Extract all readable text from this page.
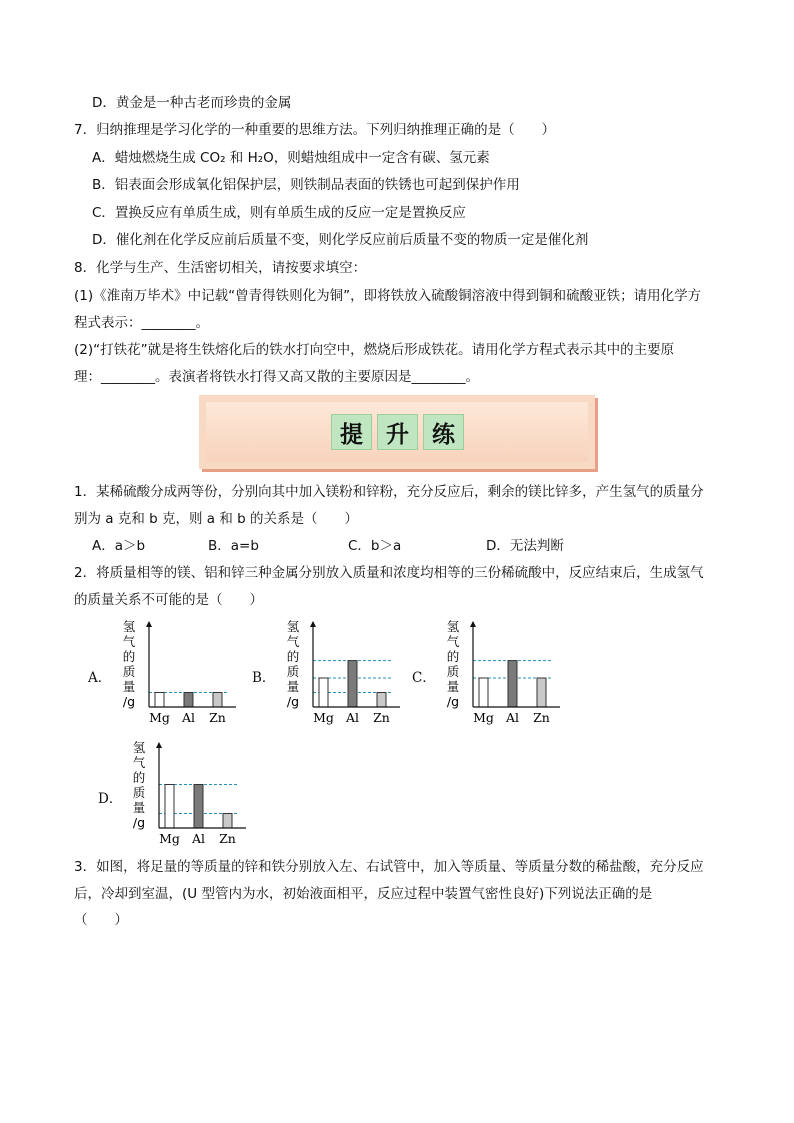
D．黄金是一种古老而珍贵的金属
7．归纳推理是学习化学的一种重要的思维方法。下列归纳推理正确的是（　　）
A．蜡烛燃烧生成 CO₂ 和 H₂O，则蜡烛组成中一定含有碳、氢元素
B．铝表面会形成氧化铝保护层，则铁制品表面的铁锈也可起到保护作用
C．置换反应有单质生成，则有单质生成的反应一定是置换反应
D．催化剂在化学反应前后质量不变，则化学反应前后质量不变的物质一定是催化剂
8．化学与生产、生活密切相关，请按要求填空：
(1)《淮南万毕术》中记载“曾青得铁则化为铜”，即将铁放入硫酸铜溶液中得到铜和硫酸亚铁；请用化学方
程式表示：________。
(2)“打铁花”就是将生铁熔化后的铁水打向空中，燃烧后形成铁花。请用化学方程式表示其中的主要原
理：________。表演者将铁水打得又高又散的主要原因是________。
提	升	练
1．某稀硫酸分成两等份，分别向其中加入镁粉和锌粉，充分反应后，剩余的镁比锌多，产生氢气的质量分
别为 a 克和 b 克，则 a 和 b 的关系是（　　）
A．a＞b	B．a=b	C．b＞a	D．无法判断
2．将质量相等的镁、铝和锌三种金属分别放入质量和浓度均相等的三份稀硫酸中，反应结束后，生成氢气
的质量关系不可能的是（　　）
A．
氢
气
的
质
量
/g
Mg Al Zn
B．
氢
气
的
质
量
/g
Mg Al Zn
C．
氢
气
的
质
量
/g
Mg Al Zn
D．
氢
气
的
质
量
/g
Mg Al Zn
3．如图，将足量的等质量的锌和铁分别放入左、右试管中，加入等质量、等质量分数的稀盐酸，充分反应
后，冷却到室温，(U 型管内为水，初始液面相平，反应过程中装置气密性良好)下列说法正确的是
（　　）
